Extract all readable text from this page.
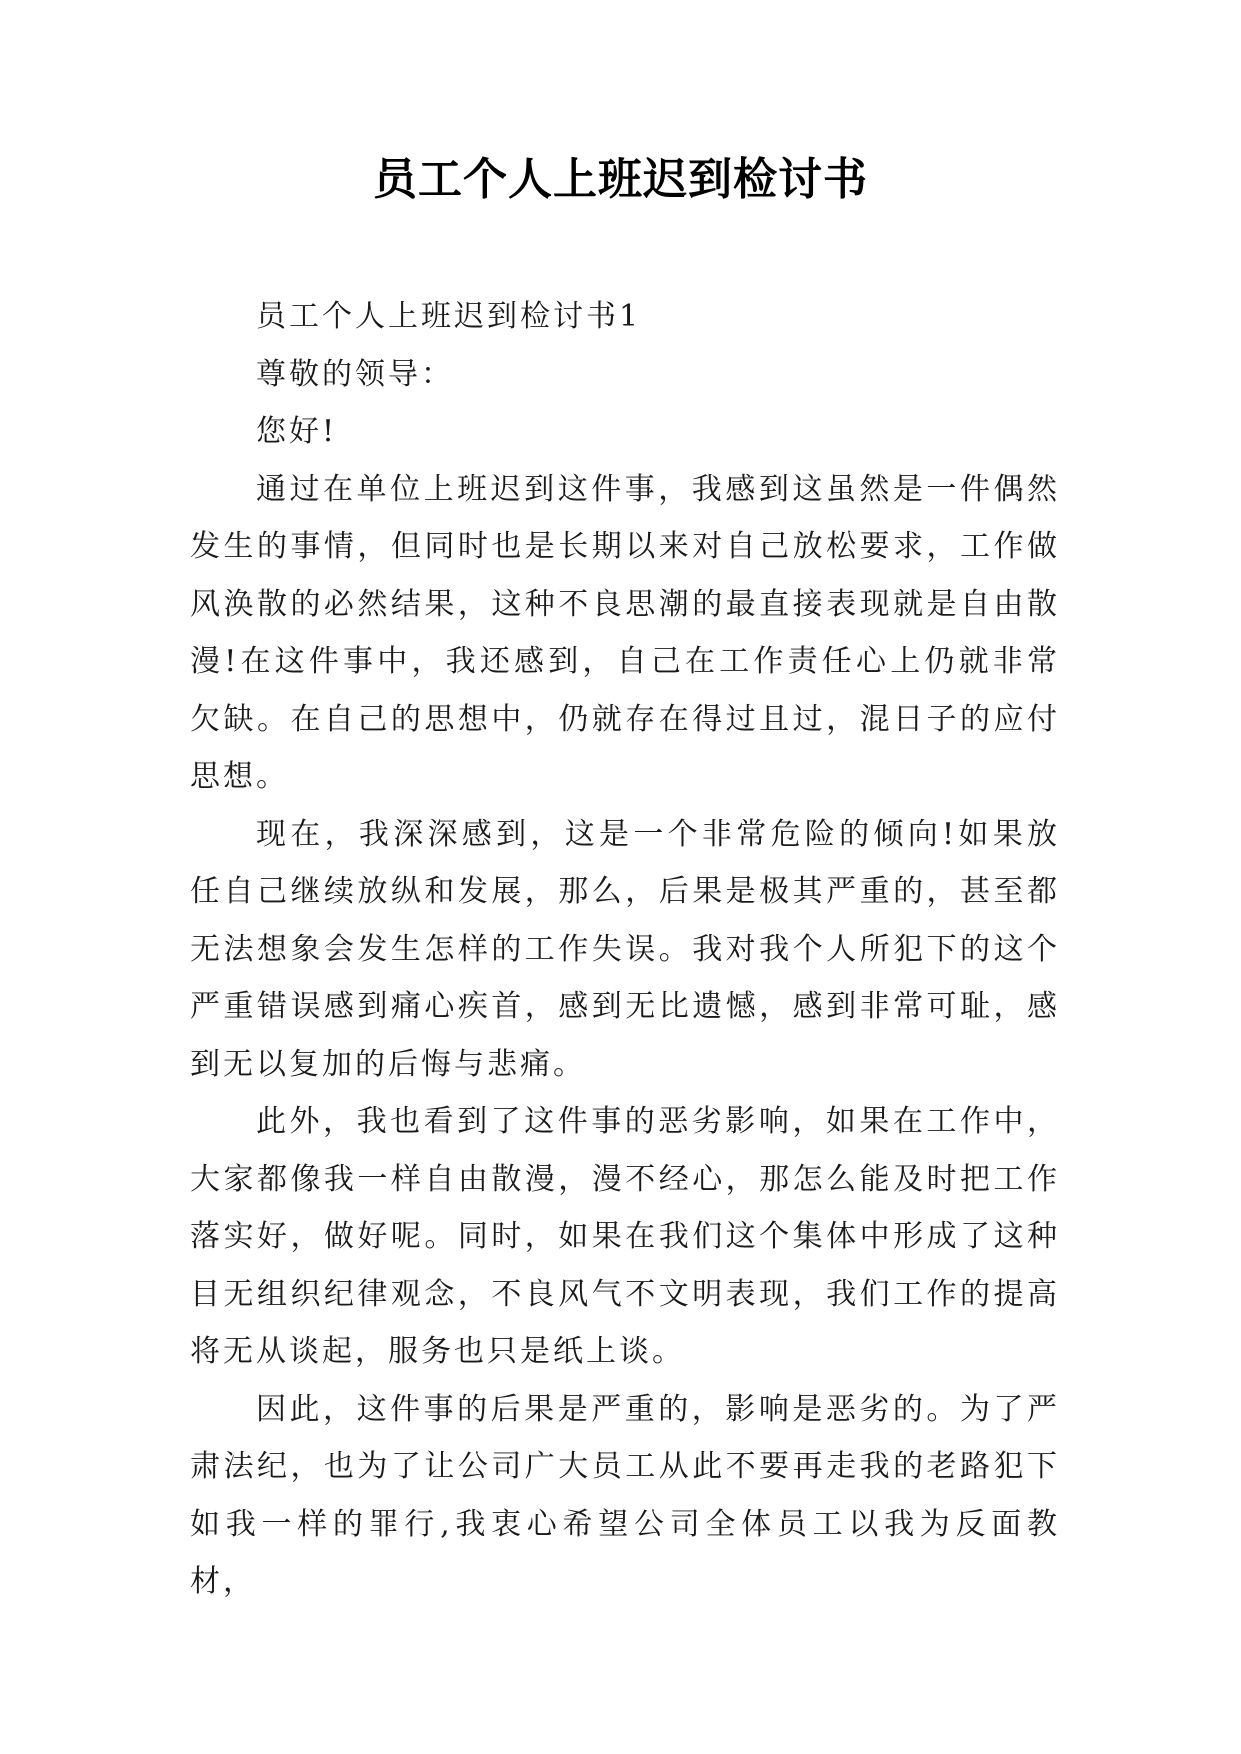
员工个人上班迟到检讨书

员工个人上班迟到检讨书1

尊敬的领导：

您好!

通过在单位上班迟到这件事，我感到这虽然是一件偶然发生的事情，但同时也是长期以来对自己放松要求，工作做风涣散的必然结果，这种不良思潮的最直接表现就是自由散漫!在这件事中，我还感到，自己在工作责任心上仍就非常欠缺。在自己的思想中，仍就存在得过且过，混日子的应付思想。

现在，我深深感到，这是一个非常危险的倾向!如果放任自己继续放纵和发展，那么，后果是极其严重的，甚至都无法想象会发生怎样的工作失误。我对我个人所犯下的这个严重错误感到痛心疾首，感到无比遗憾，感到非常可耻，感到无以复加的后悔与悲痛。

此外，我也看到了这件事的恶劣影响，如果在工作中，大家都像我一样自由散漫，漫不经心，那怎么能及时把工作落实好，做好呢。同时，如果在我们这个集体中形成了这种目无组织纪律观念，不良风气不文明表现，我们工作的提高将无从谈起，服务也只是纸上谈。

因此，这件事的后果是严重的，影响是恶劣的。为了严肃法纪，也为了让公司广大员工从此不要再走我的老路犯下如我一样的罪行,我衷心希望公司全体员工以我为反面教材，
